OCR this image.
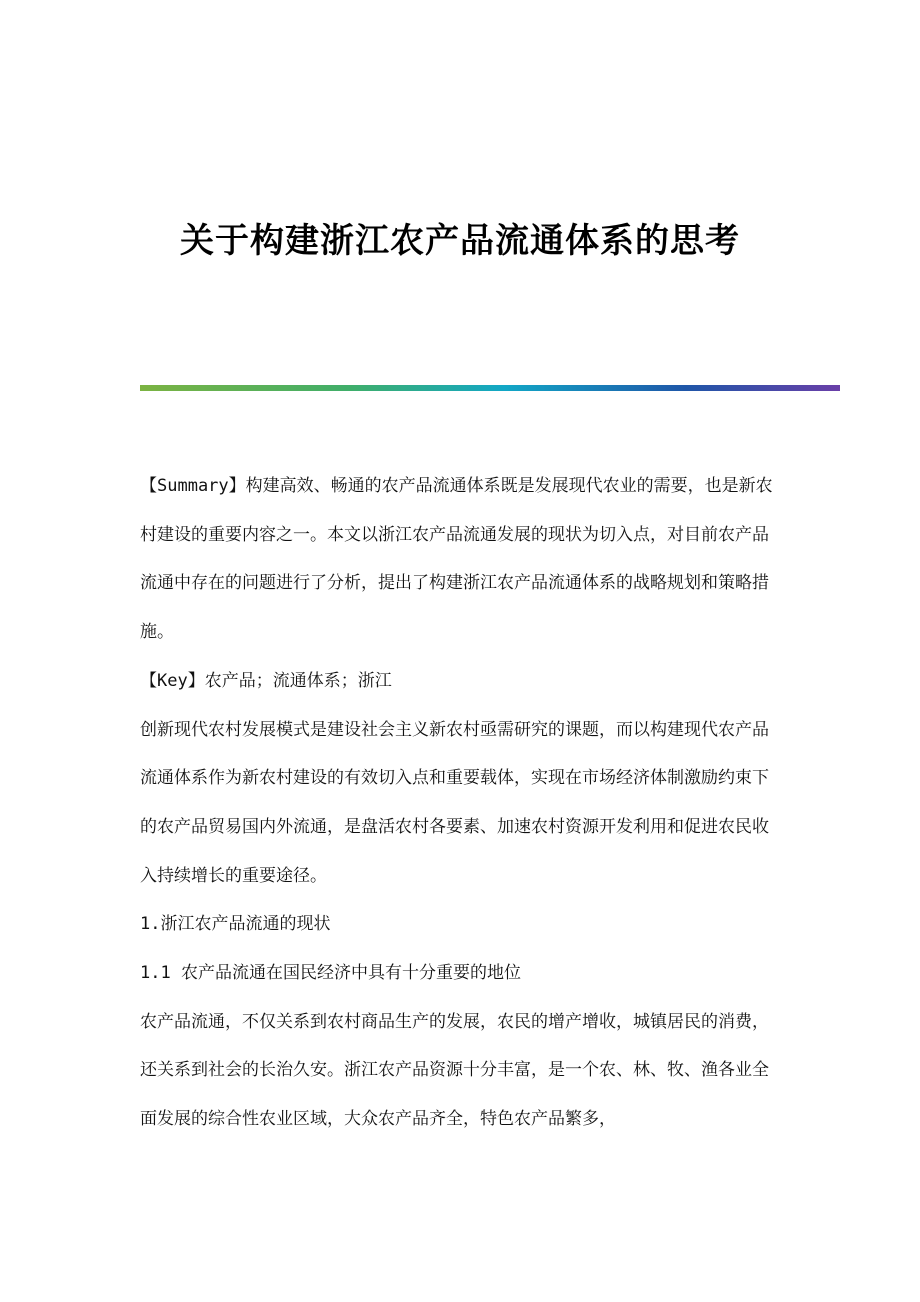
关于构建浙江农产品流通体系的思考

【Summary】构建高效、畅通的农产品流通体系既是发展现代农业的需要，也是新农村建设的重要内容之一。本文以浙江农产品流通发展的现状为切入点，对目前农产品流通中存在的问题进行了分析，提出了构建浙江农产品流通体系的战略规划和策略措施。

【Key】农产品；流通体系；浙江

创新现代农村发展模式是建设社会主义新农村亟需研究的课题，而以构建现代农产品流通体系作为新农村建设的有效切入点和重要载体，实现在市场经济体制激励约束下的农产品贸易国内外流通，是盘活农村各要素、加速农村资源开发利用和促进农民收入持续增长的重要途径。

1.浙江农产品流通的现状

1.1 农产品流通在国民经济中具有十分重要的地位

农产品流通，不仅关系到农村商品生产的发展，农民的增产增收，城镇居民的消费，还关系到社会的长治久安。浙江农产品资源十分丰富，是一个农、林、牧、渔各业全面发展的综合性农业区域，大众农产品齐全，特色农产品繁多，
